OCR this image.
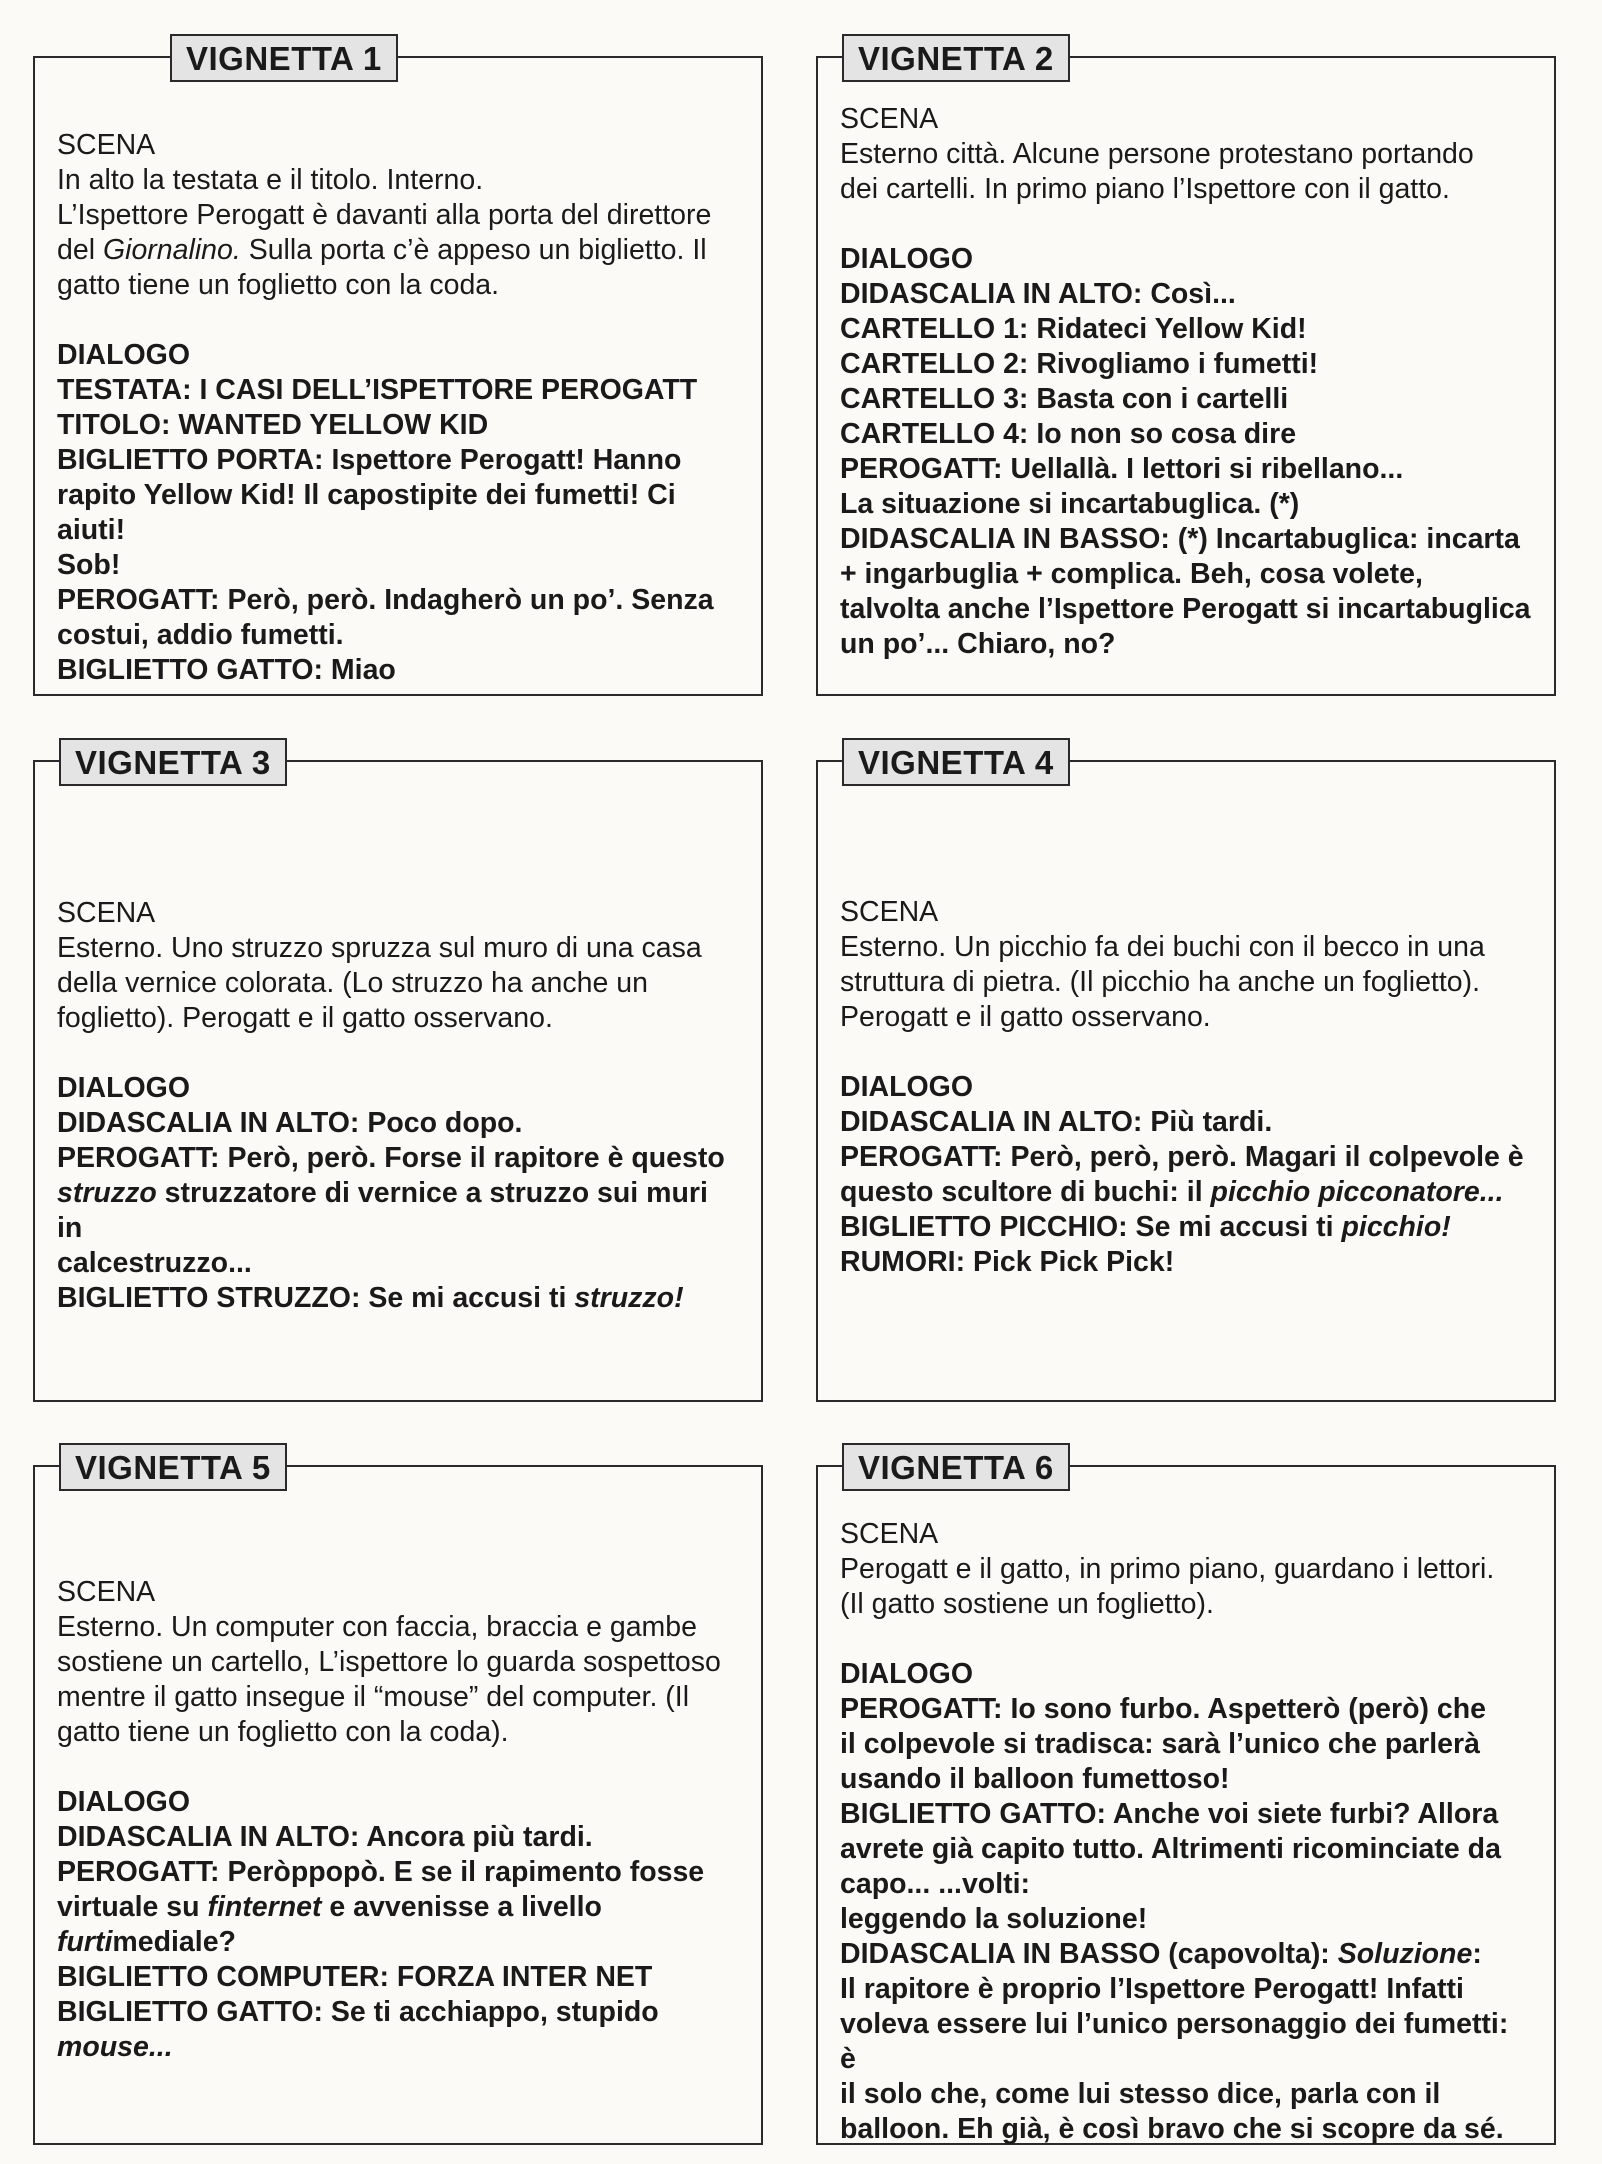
VIGNETTA 1
SCENA
In alto la testata e il titolo. Interno.
L’Ispettore Perogatt è davanti alla porta del direttore
del Giornalino. Sulla porta c’è appeso un biglietto. Il
gatto tiene un foglietto con la coda.
DIALOGO
TESTATA: I CASI DELL’ISPETTORE PEROGATT
TITOLO: WANTED YELLOW KID
BIGLIETTO PORTA: Ispettore Perogatt! Hanno
rapito Yellow Kid! Il capostipite dei fumetti! Ci aiuti!
Sob!
PEROGATT: Però, però. Indagherò un po’. Senza
costui, addio fumetti.
BIGLIETTO GATTO: Miao
VIGNETTA 2
SCENA
Esterno città. Alcune persone protestano portando
dei cartelli. In primo piano l’Ispettore con il gatto.
DIALOGO
DIDASCALIA IN ALTO: Così...
CARTELLO 1: Ridateci Yellow Kid!
CARTELLO 2: Rivogliamo i fumetti!
CARTELLO 3: Basta con i cartelli
CARTELLO 4: Io non so cosa dire
PEROGATT: Uellallà. I lettori si ribellano...
La situazione si incartabuglica. (*)
DIDASCALIA IN BASSO: (*) Incartabuglica: incarta
+ ingarbuglia + complica. Beh, cosa volete,
talvolta anche l’Ispettore Perogatt si incartabuglica
un po’... Chiaro, no?
VIGNETTA 3
SCENA
Esterno. Uno struzzo spruzza sul muro di una casa
della vernice colorata. (Lo struzzo ha anche un
foglietto). Perogatt e il gatto osservano.
DIALOGO
DIDASCALIA IN ALTO: Poco dopo.
PEROGATT: Però, però. Forse il rapitore è questo
struzzo struzzatore di vernice a struzzo sui muri in
calcestruzzo...
BIGLIETTO STRUZZO: Se mi accusi ti struzzo!
VIGNETTA 4
SCENA
Esterno. Un picchio fa dei buchi con il becco in una
struttura di pietra. (Il picchio ha anche un foglietto).
Perogatt e il gatto osservano.
DIALOGO
DIDASCALIA IN ALTO: Più tardi.
PEROGATT: Però, però, però. Magari il colpevole è
questo scultore di buchi: il picchio picconatore...
BIGLIETTO PICCHIO: Se mi accusi ti picchio!
RUMORI: Pick Pick Pick!
VIGNETTA 5
SCENA
Esterno. Un computer con faccia, braccia e gambe
sostiene un cartello, L’ispettore lo guarda sospettoso
mentre il gatto insegue il “mouse” del computer. (Il
gatto tiene un foglietto con la coda).
DIALOGO
DIDASCALIA IN ALTO: Ancora più tardi.
PEROGATT: Peròppopò. E se il rapimento fosse
virtuale su finternet e avvenisse a livello
furtimediale?
BIGLIETTO COMPUTER: FORZA INTER NET
BIGLIETTO GATTO: Se ti acchiappo, stupido
mouse...
VIGNETTA 6
SCENA
Perogatt e il gatto, in primo piano, guardano i lettori.
(Il gatto sostiene un foglietto).
DIALOGO
PEROGATT: Io sono furbo. Aspetterò (però) che
il colpevole si tradisca: sarà l’unico che parlerà
usando il balloon fumettoso!
BIGLIETTO GATTO: Anche voi siete furbi? Allora
avrete già capito tutto. Altrimenti ricominciate da
capo... ...volti:
leggendo la soluzione!
DIDASCALIA IN BASSO (capovolta): Soluzione:
Il rapitore è proprio l’Ispettore Perogatt! Infatti
voleva essere lui l’unico personaggio dei fumetti: è
il solo che, come lui stesso dice, parla con il
balloon. Eh già, è così bravo che si scopre da sé.
